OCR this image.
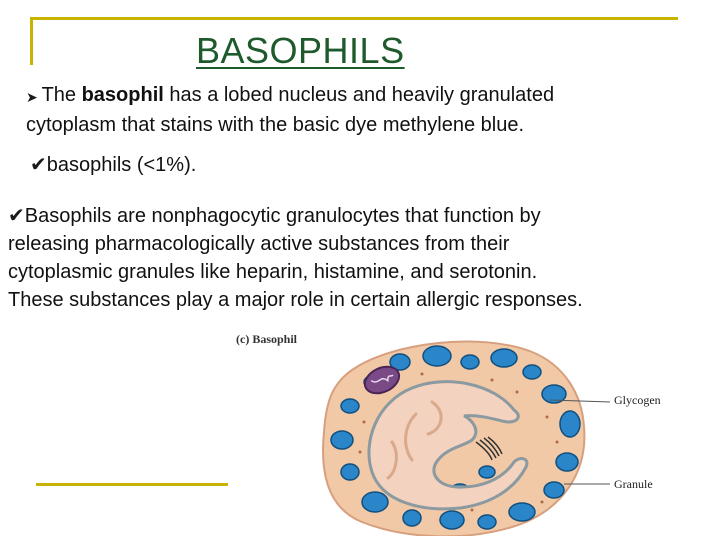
BASOPHILS
➤ The basophil has a lobed nucleus and heavily granulated
cytoplasm that stains with the basic dye methylene blue.
✔basophils (<1%).
✔Basophils are nonphagocytic granulocytes that function by
releasing pharmacologically active substances from their
cytoplasmic granules like heparin, histamine, and serotonin.
These substances play a major role in certain allergic responses.
(c) Basophil
Glycogen
Granule
